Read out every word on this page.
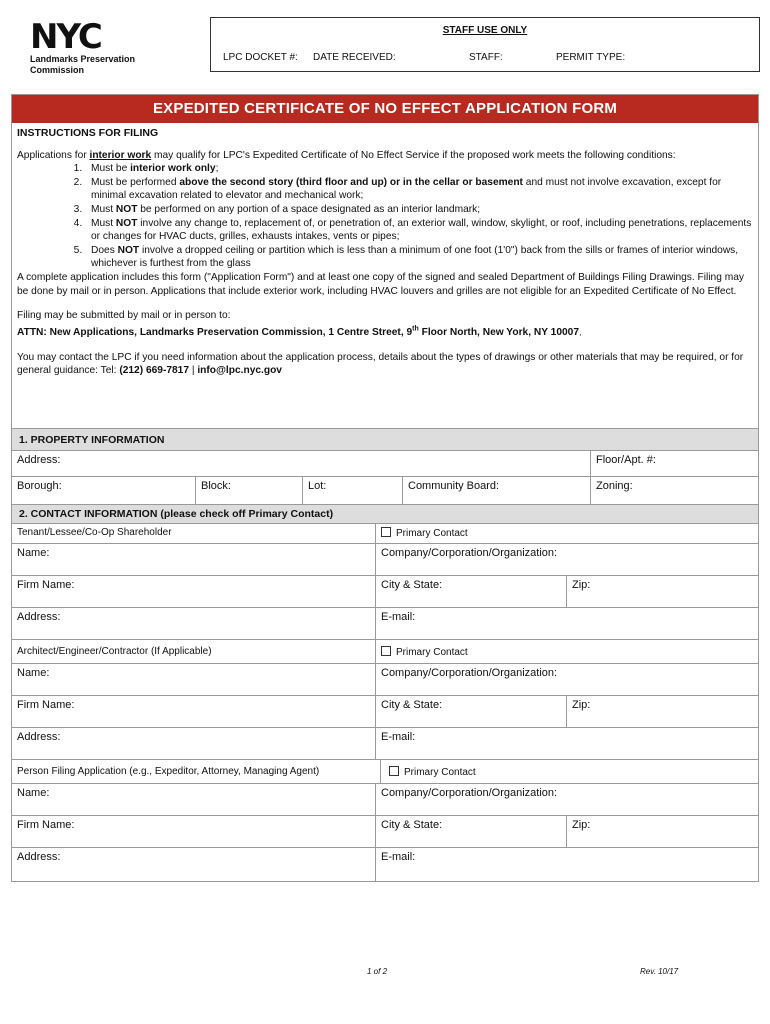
NYC
Landmarks Preservation
Commission
STAFF USE ONLY
LPC DOCKET #: DATE RECEIVED:	STAFF:	PERMIT TYPE:
EXPEDITED CERTIFICATE OF NO EFFECT APPLICATION FORM
INSTRUCTIONS FOR FILING

Applications for interior work may qualify for LPC's Expedited Certificate of No Effect Service if the proposed work meets the following conditions:

1. Must be interior work only;
2. Must be performed above the second story (third floor and up) or in the cellar or basement and must not involve excavation, except for minimal excavation related to elevator and mechanical work;
3. Must NOT be performed on any portion of a space designated as an interior landmark;
4. Must NOT involve any change to, replacement of, or penetration of, an exterior wall, window, skylight, or roof, including penetrations, replacements or changes for HVAC ducts, grilles, exhausts intakes, vents or pipes;
5. Does NOT involve a dropped ceiling or partition which is less than a minimum of one foot (1'0") back from the sills or frames of interior windows, whichever is furthest from the glass

A complete application includes this form ("Application Form") and at least one copy of the signed and sealed Department of Buildings Filing Drawings. Filing may be done by mail or in person. Applications that include exterior work, including HVAC louvers and grilles are not eligible for an Expedited Certificate of No Effect.

Filing may be submitted by mail or in person to:

ATTN: New Applications, Landmarks Preservation Commission, 1 Centre Street, 9th Floor North, New York, NY 10007.

You may contact the LPC if you need information about the application process, details about the types of drawings or other materials that may be required, or for general guidance: Tel: (212) 669-7817 | info@lpc.nyc.gov

1. PROPERTY INFORMATION
Address:	Floor/Apt. #:
Borough:	Block:	Lot:	Community Board:	Zoning:
2. CONTACT INFORMATION (please check off Primary Contact)
Tenant/Lessee/Co-Op Shareholder	Primary Contact
Name:	Company/Corporation/Organization:
Firm Name:	City & State:	Zip:
Address:	E-mail:
Architect/Engineer/Contractor (If Applicable)	Primary Contact
Name:	Company/Corporation/Organization:
Firm Name:	City & State:	Zip:
Address:	E-mail:
Person Filing Application (e.g., Expeditor, Attorney, Managing Agent)	Primary Contact
Name:	Company/Corporation/Organization:
Firm Name:	City & State:	Zip:
Address:	E-mail:
1 of 2	Rev. 10/17
